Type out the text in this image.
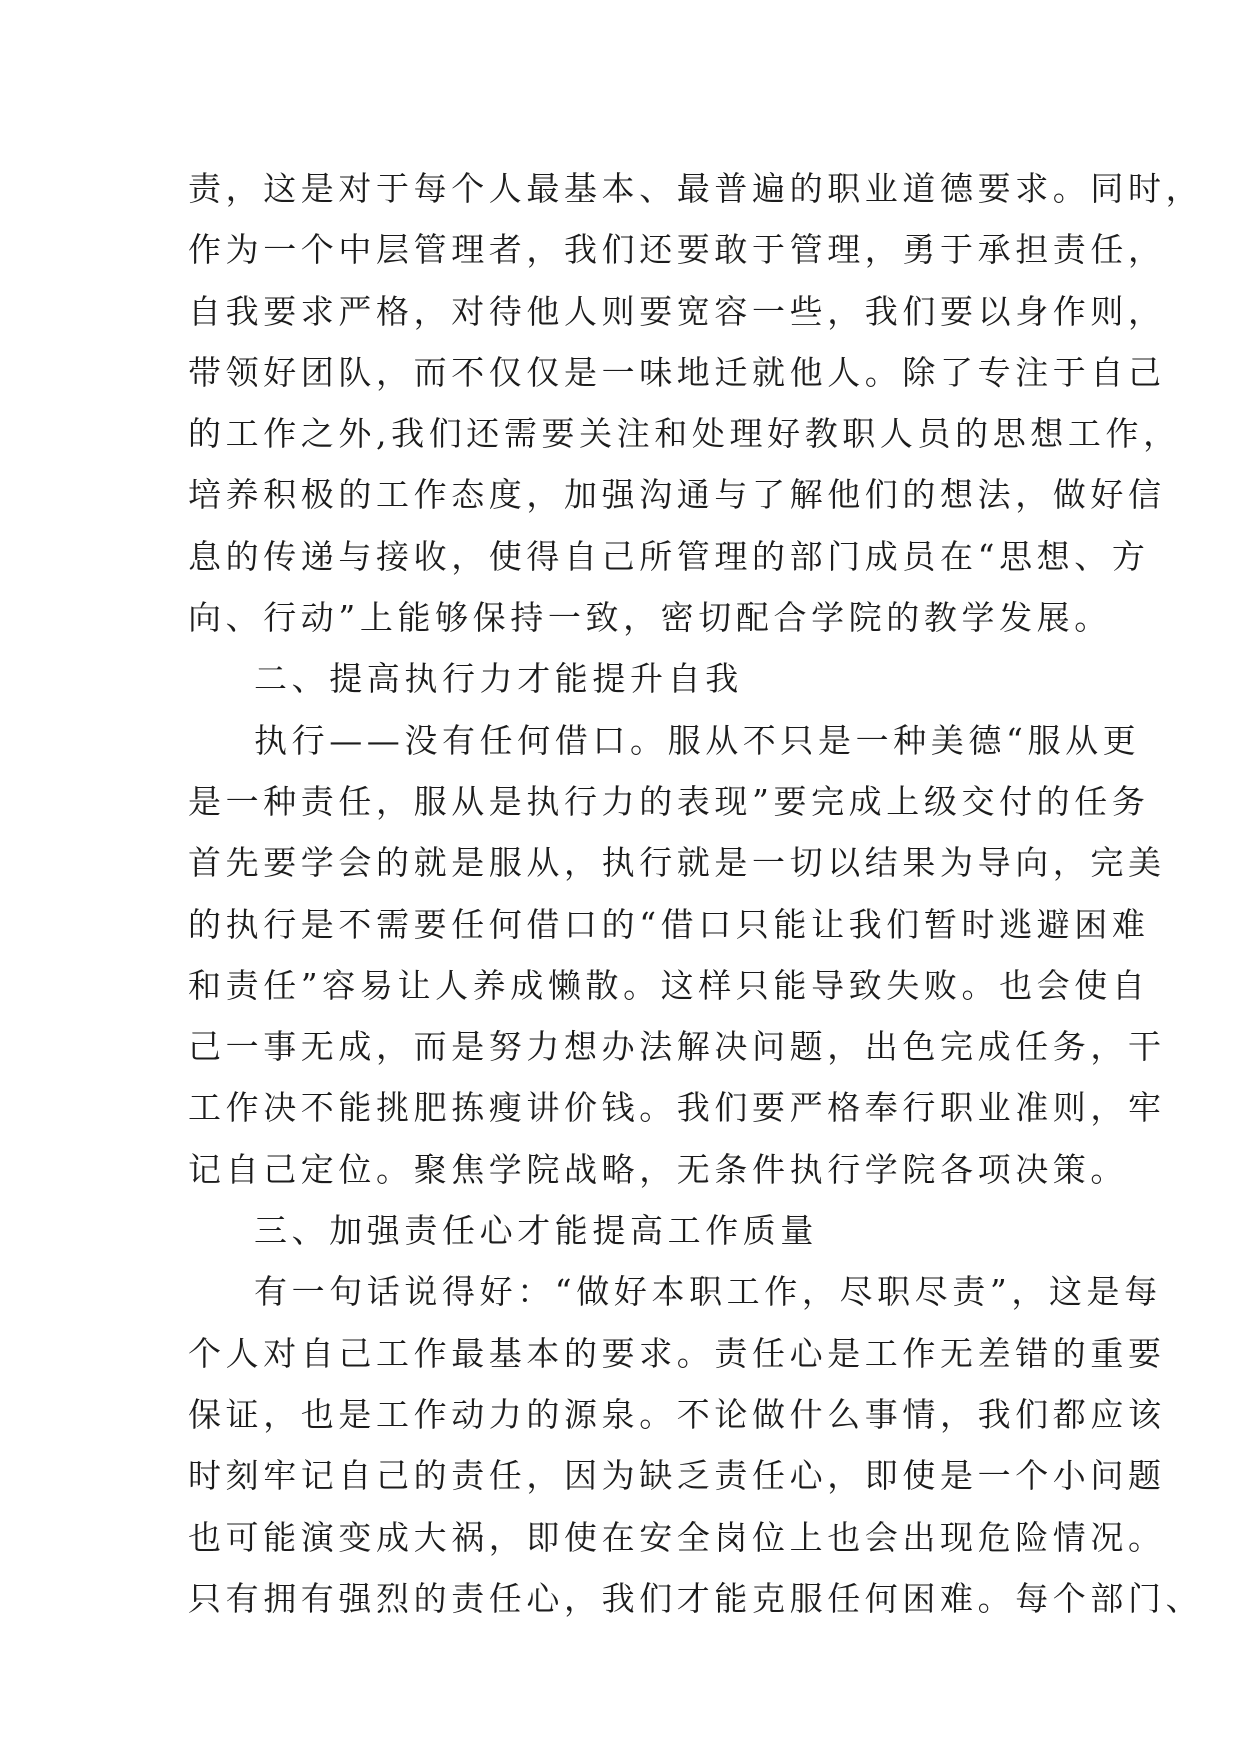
责，这是对于每个人最基本、最普遍的职业道德要求。同时，
作为一个中层管理者，我们还要敢于管理，勇于承担责任，
自我要求严格，对待他人则要宽容一些，我们要以身作则，
带领好团队，而不仅仅是一味地迁就他人。除了专注于自己
的工作之外,我们还需要关注和处理好教职人员的思想工作，
培养积极的工作态度，加强沟通与了解他们的想法，做好信
息的传递与接收，使得自己所管理的部门成员在“思想、方
向、行动”上能够保持一致，密切配合学院的教学发展。
二、提高执行力才能提升自我
执行——没有任何借口。服从不只是一种美德“服从更
是一种责任，服从是执行力的表现”要完成上级交付的任务
首先要学会的就是服从，执行就是一切以结果为导向，完美
的执行是不需要任何借口的“借口只能让我们暂时逃避困难
和责任”容易让人养成懒散。这样只能导致失败。也会使自
己一事无成，而是努力想办法解决问题，出色完成任务，干
工作决不能挑肥拣瘦讲价钱。我们要严格奉行职业准则，牢
记自己定位。聚焦学院战略，无条件执行学院各项决策。
三、加强责任心才能提高工作质量
有一句话说得好：“做好本职工作，尽职尽责”，这是每
个人对自己工作最基本的要求。责任心是工作无差错的重要
保证，也是工作动力的源泉。不论做什么事情，我们都应该
时刻牢记自己的责任，因为缺乏责任心，即使是一个小问题
也可能演变成大祸，即使在安全岗位上也会出现危险情况。
只有拥有强烈的责任心，我们才能克服任何困难。每个部门、
